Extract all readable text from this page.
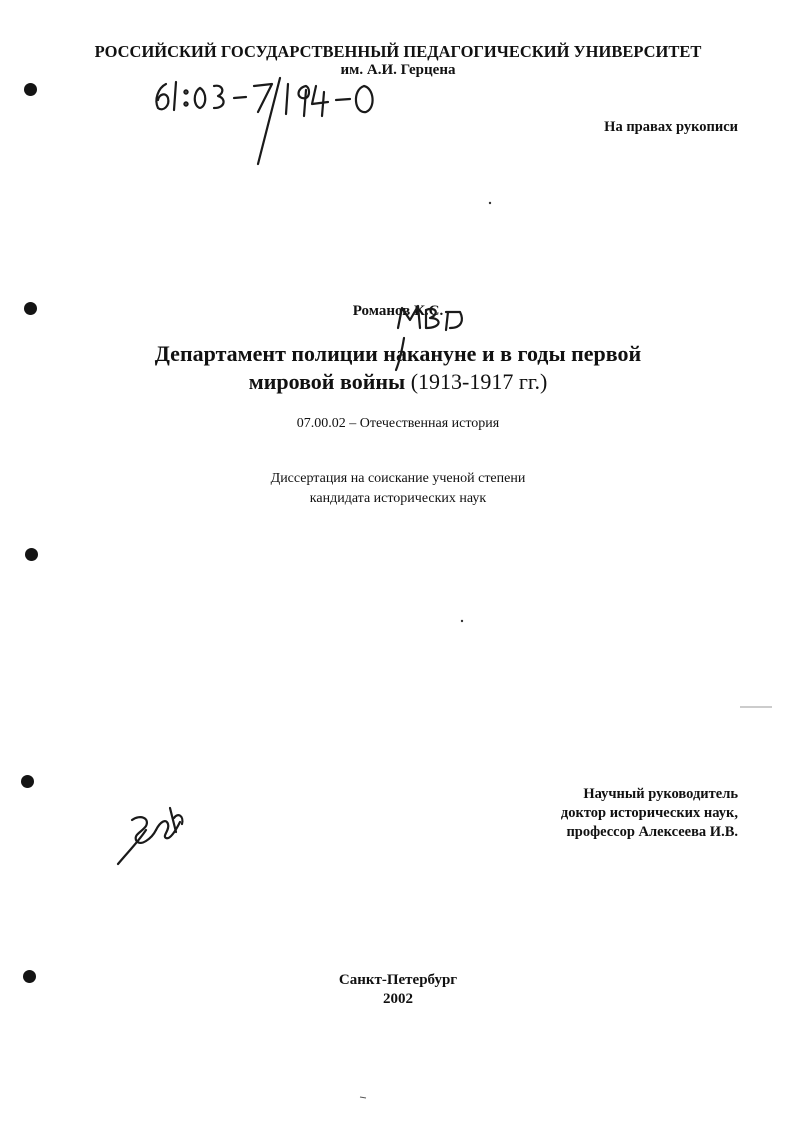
РОССИЙСКИЙ ГОСУДАРСТВЕННЫЙ ПЕДАГОГИЧЕСКИЙ УНИВЕРСИТЕТ
им. А.И. Герцена
На правах рукописи
Романов К.С.
Департамент полиции накануне и в годы первой
мировой войны (1913-1917 гг.)
07.00.02 – Отечественная история
Диссертация на соискание ученой степени
кандидата исторических наук
Научный руководитель
доктор исторических наук,
профессор Алексеева И.В.
Санкт-Петербург
2002
